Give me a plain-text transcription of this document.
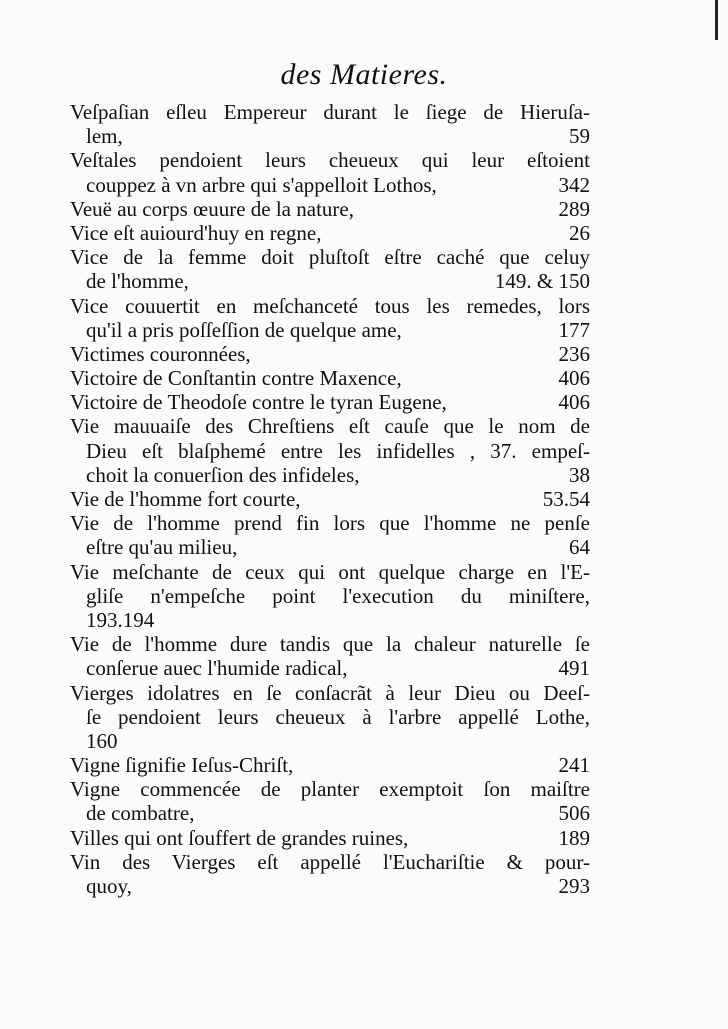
des Matieres.
Veſpaſian eſleu Empereur durant le ſiege de Hieruſa-
lem,	59
Veſtales pendoient leurs cheueux qui leur eſtoient
couppez à vn arbre qui s'appelloit Lothos,	342
Veuë au corps œuure de la nature,	289
Vice eſt auiourd'huy en regne,	26
Vice de la femme doit pluſtoſt eſtre caché que celuy
de l'homme,	149. & 150
Vice couuertit en meſchanceté tous les remedes, lors
qu'il a pris poſſeſſion de quelque ame,	177
Victimes couronnées,	236
Victoire de Conſtantin contre Maxence,	406
Victoire de Theodoſe contre le tyran Eugene,	406
Vie mauuaiſe des Chreſtiens eſt cauſe que le nom de
Dieu eſt blaſphemé entre les infidelles , 37. empeſ-
choit la conuerſion des infideles,	38
Vie de l'homme fort courte,	53.54
Vie de l'homme prend fin lors que l'homme ne penſe
eſtre qu'au milieu,	64
Vie meſchante de ceux qui ont quelque charge en l'E-
gliſe n'empeſche point l'execution du miniſtere,
193.194
Vie de l'homme dure tandis que la chaleur naturelle ſe
conſerue auec l'humide radical,	491
Vierges idolatres en ſe conſacrãt à leur Dieu ou Deeſ-
ſe pendoient leurs cheueux à l'arbre appellé Lothe,
160
Vigne ſignifie Ieſus-Chriſt,	241
Vigne commencée de planter exemptoit ſon maiſtre
de combatre,	506
Villes qui ont ſouffert de grandes ruines,	189
Vin des Vierges eſt appellé l'Euchariſtie & pour-
quoy,	293
